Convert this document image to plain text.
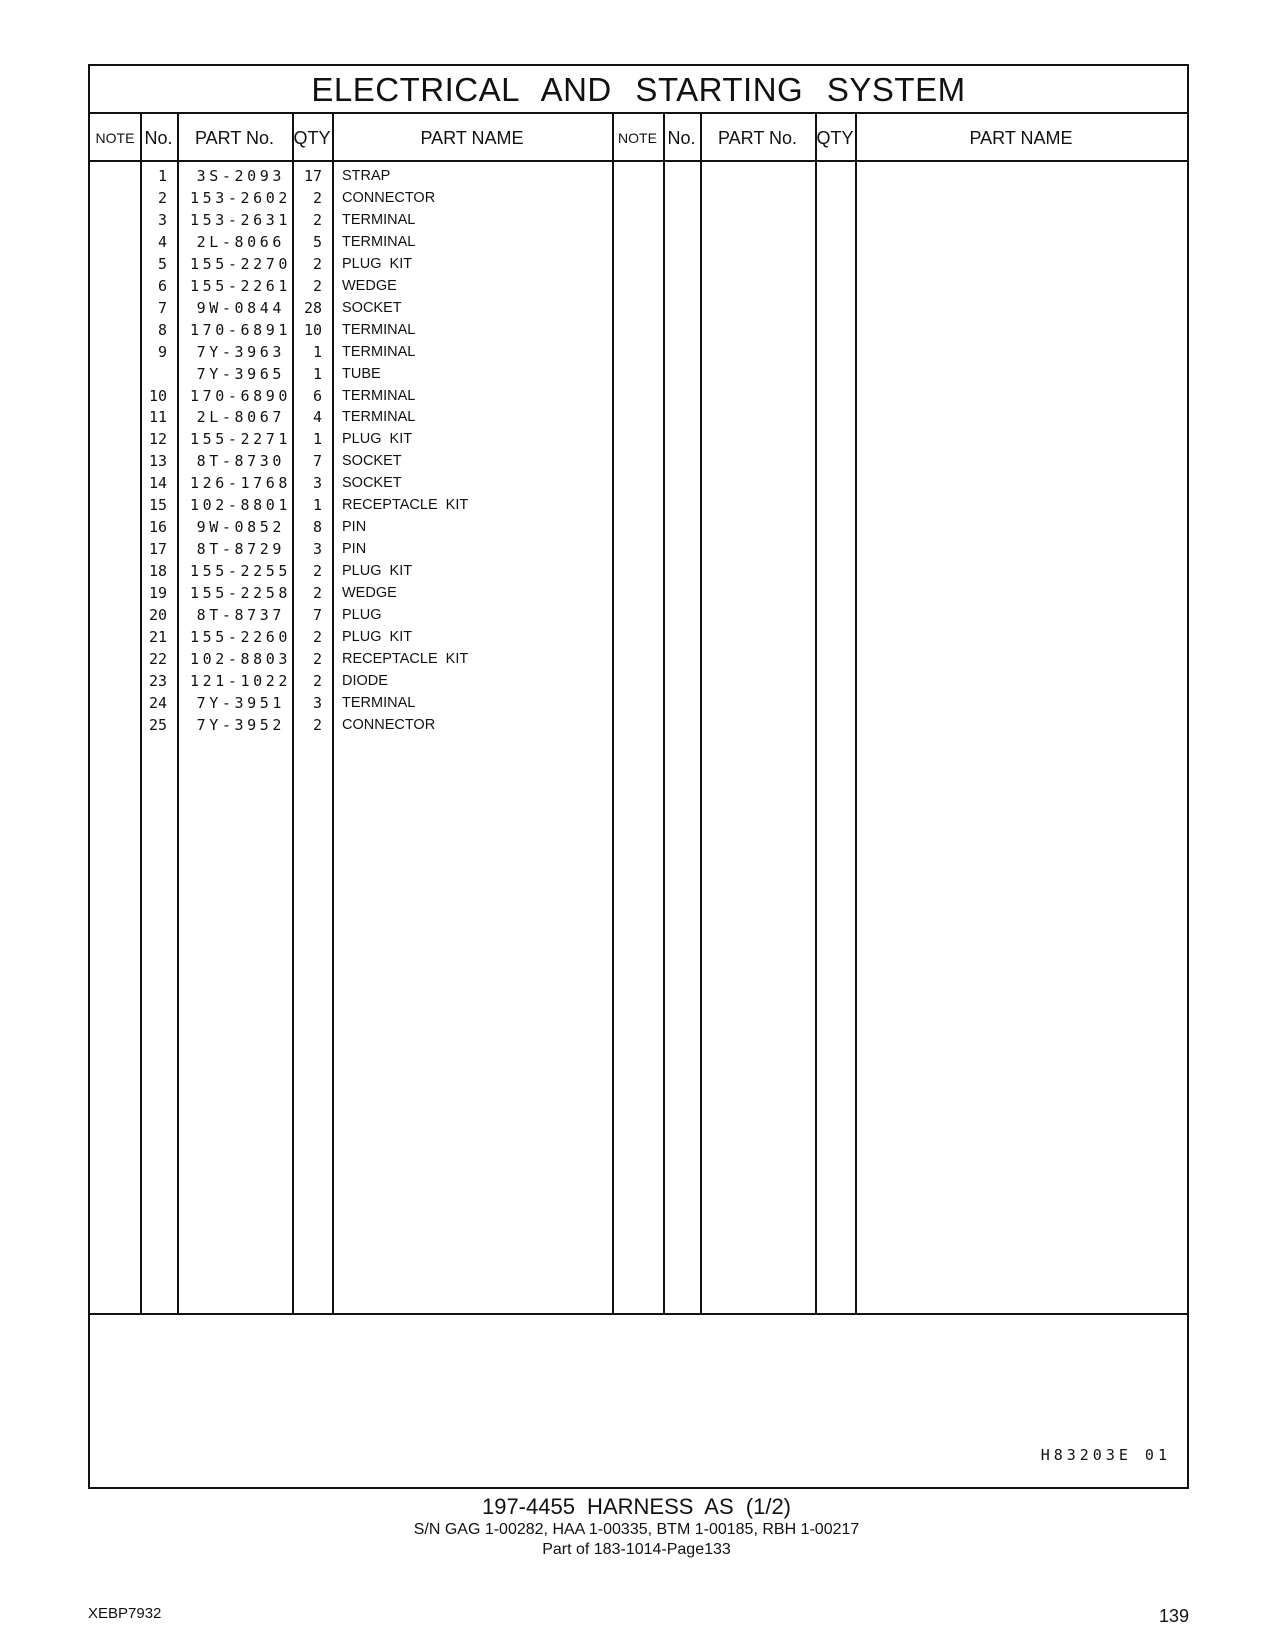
ELECTRICAL AND STARTING SYSTEM
NOTE No.	PART No.	QTY	PART NAME	NOTE No.	PART No.	QTY	PART NAME
1	3S-2093	17 STRAP
2 153-2602	2 CONNECTOR
3 153-2631	2 TERMINAL
4	2L-8066	5 TERMINAL
5 155-2270	2 PLUG  KIT
6 155-2261	2 WEDGE
7	9W-0844	28 SOCKET
8 170-6891 10 TERMINAL
9	7Y-3963	1 TERMINAL
7Y-3965	1 TUBE
10 170-6890	6 TERMINAL
11	2L-8067	4 TERMINAL
12 155-2271	1 PLUG  KIT
13	8T-8730	7 SOCKET
14 126-1768	3 SOCKET
15 102-8801	1 RECEPTACLE  KIT
16	9W-0852	8 PIN
17	8T-8729	3 PIN
18 155-2255	2 PLUG  KIT
19 155-2258	2 WEDGE
20	8T-8737	7 PLUG
21 155-2260	2 PLUG  KIT
22 102-8803	2 RECEPTACLE  KIT
23 121-1022	2 DIODE
24	7Y-3951	3 TERMINAL
25	7Y-3952	2 CONNECTOR
H83203E 01
197-4455 HARNESS AS (1/2)
S/N GAG 1-00282, HAA 1-00335, BTM 1-00185, RBH 1-00217
Part of 183-1014-Page133
XEBP7932	139
